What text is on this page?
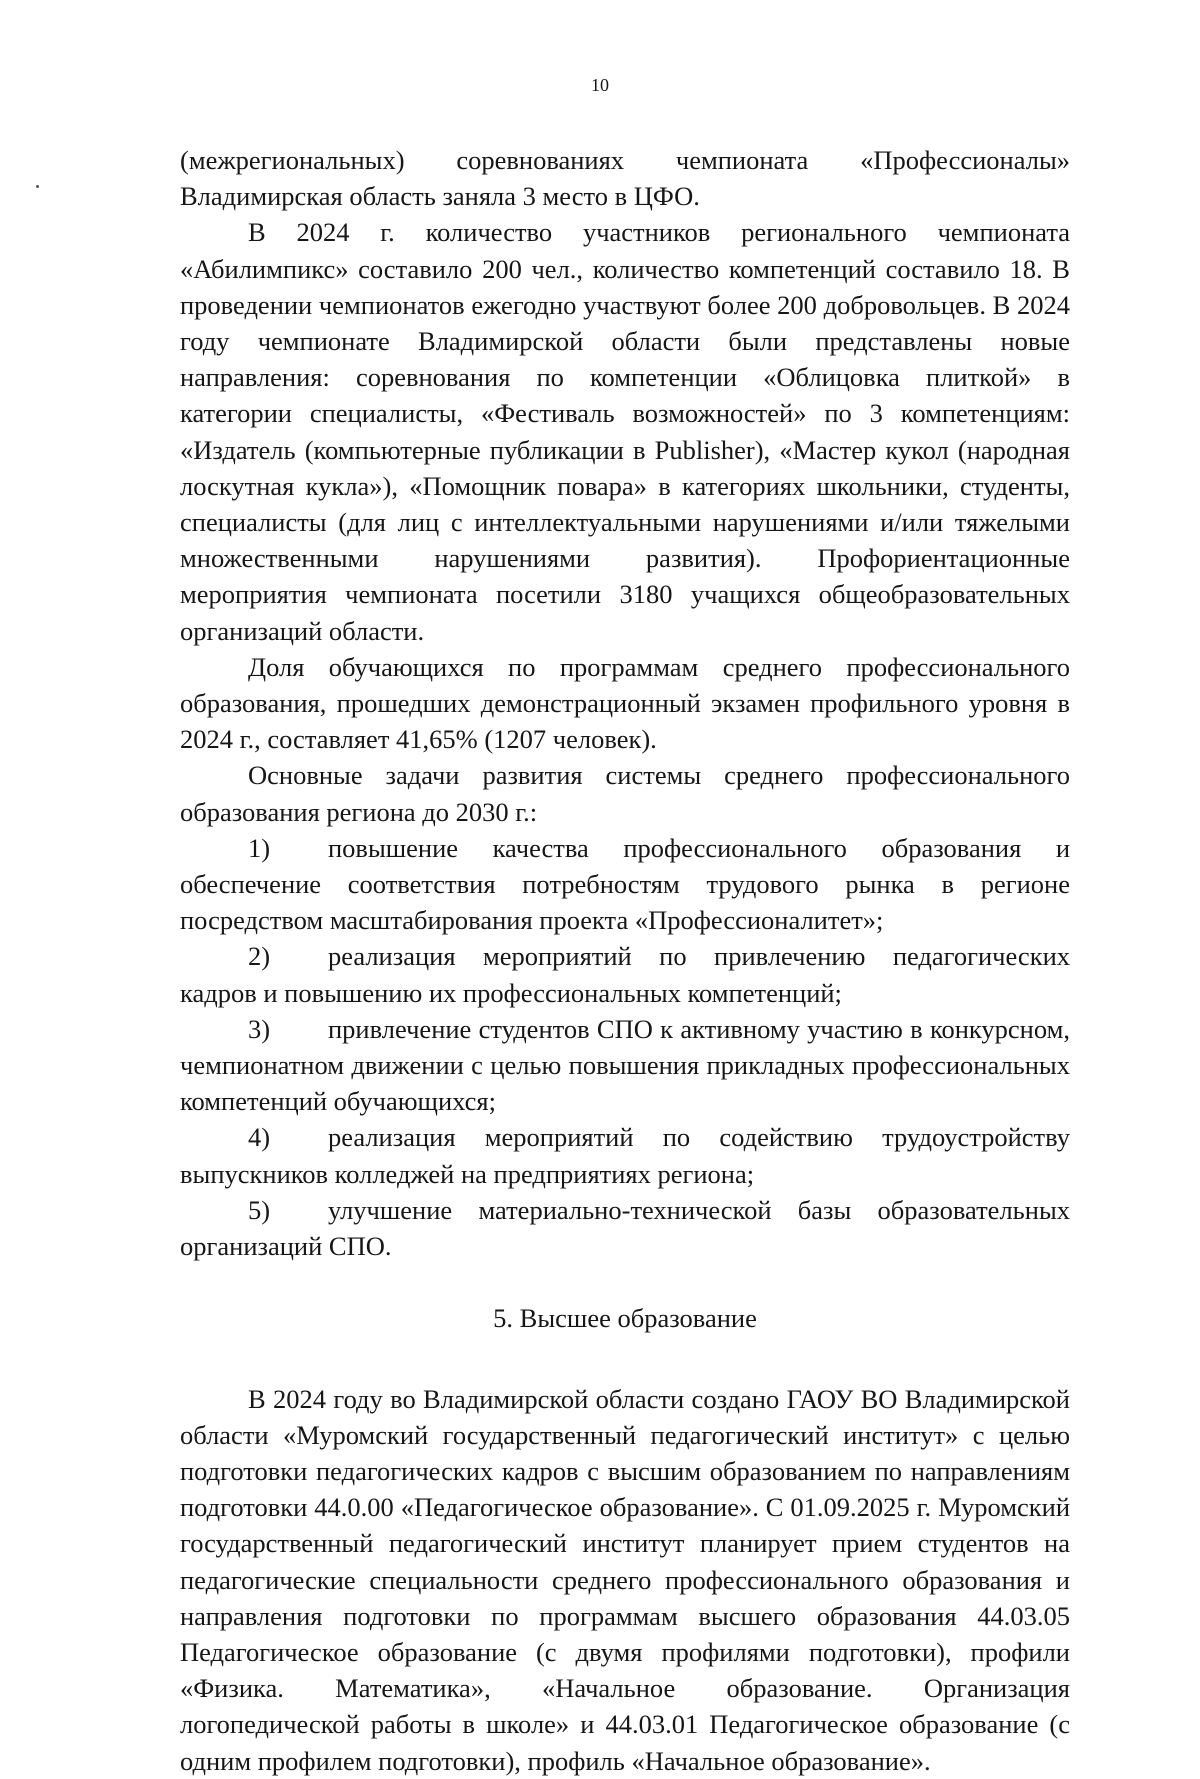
10

(межрегиональных) соревнованиях чемпионата «Профессионалы» Владимирская область заняла 3 место в ЦФО.

В 2024 г. количество участников регионального чемпионата «Абилимпикс» составило 200 чел., количество компетенций составило 18. В проведении чемпионатов ежегодно участвуют более 200 добровольцев. В 2024 году чемпионате Владимирской области были представлены новые направления: соревнования по компетенции «Облицовка плиткой» в категории специалисты, «Фестиваль возможностей» по 3 компетенциям: «Издатель (компьютерные публикации в Publisher), «Мастер кукол (народная лоскутная кукла»), «Помощник повара» в категориях школьники, студенты, специалисты (для лиц с интеллектуальными нарушениями и/или тяжелыми множественными нарушениями развития). Профориентационные мероприятия чемпионата посетили 3180 учащихся общеобразовательных организаций области.

Доля обучающихся по программам среднего профессионального образования, прошедших демонстрационный экзамен профильного уровня в 2024 г., составляет 41,65% (1207 человек).

Основные задачи развития системы среднего профессионального образования региона до 2030 г.:

1) повышение качества профессионального образования и обеспечение соответствия потребностям трудового рынка в регионе посредством масштабирования проекта «Профессионалитет»;

2) реализация мероприятий по привлечению педагогических кадров и повышению их профессиональных компетенций;

3) привлечение студентов СПО к активному участию в конкурсном, чемпионатном движении с целью повышения прикладных профессиональных компетенций обучающихся;

4) реализация мероприятий по содействию трудоустройству выпускников колледжей на предприятиях региона;

5) улучшение материально-технической базы образовательных организаций СПО.

5. Высшее образование

В 2024 году во Владимирской области создано ГАОУ ВО Владимирской области «Муромский государственный педагогический институт» с целью подготовки педагогических кадров с высшим образованием по направлениям подготовки 44.0.00 «Педагогическое образование». С 01.09.2025 г. Муромский государственный педагогический институт планирует прием студентов на педагогические специальности среднего профессионального образования и направления подготовки по программам высшего образования 44.03.05 Педагогическое образование (с двумя профилями подготовки), профили «Физика. Математика», «Начальное образование. Организация логопедической работы в школе» и 44.03.01 Педагогическое образование (с одним профилем подготовки), профиль «Начальное образование».
